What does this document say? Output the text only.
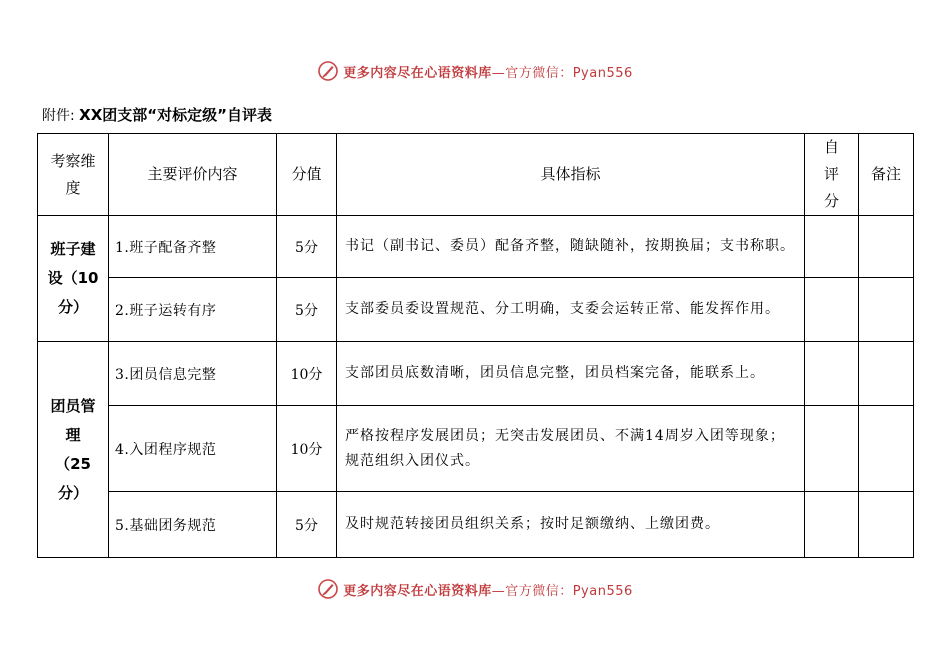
更多内容尽在心语资料库 —官方微信：Pyan556
附件: XX团支部“对标定级”自评表
考察维度	主要评价内容	分值	具体指标	自评分	备注
班子建设（10分）	1.班子配备齐整	5分	书记（副书记、委员）配备齐整，随缺随补，按期换届；支书称职。		

	2.班子运转有序	5分	支部委员委设置规范、分工明确，支委会运转正常、能发挥作用。		

团员管理（25分）	3.团员信息完整	10分	支部团员底数清晰，团员信息完整，团员档案完备，能联系上。		

	4.入团程序规范	10分	严格按程序发展团员；无突击发展团员、不满14周岁入团等现象；
规范组织入团仪式。		

	5.基础团务规范	5分	及时规范转接团员组织关系；按时足额缴纳、上缴团费。		

更多内容尽在心语资料库 —官方微信：Pyan556
